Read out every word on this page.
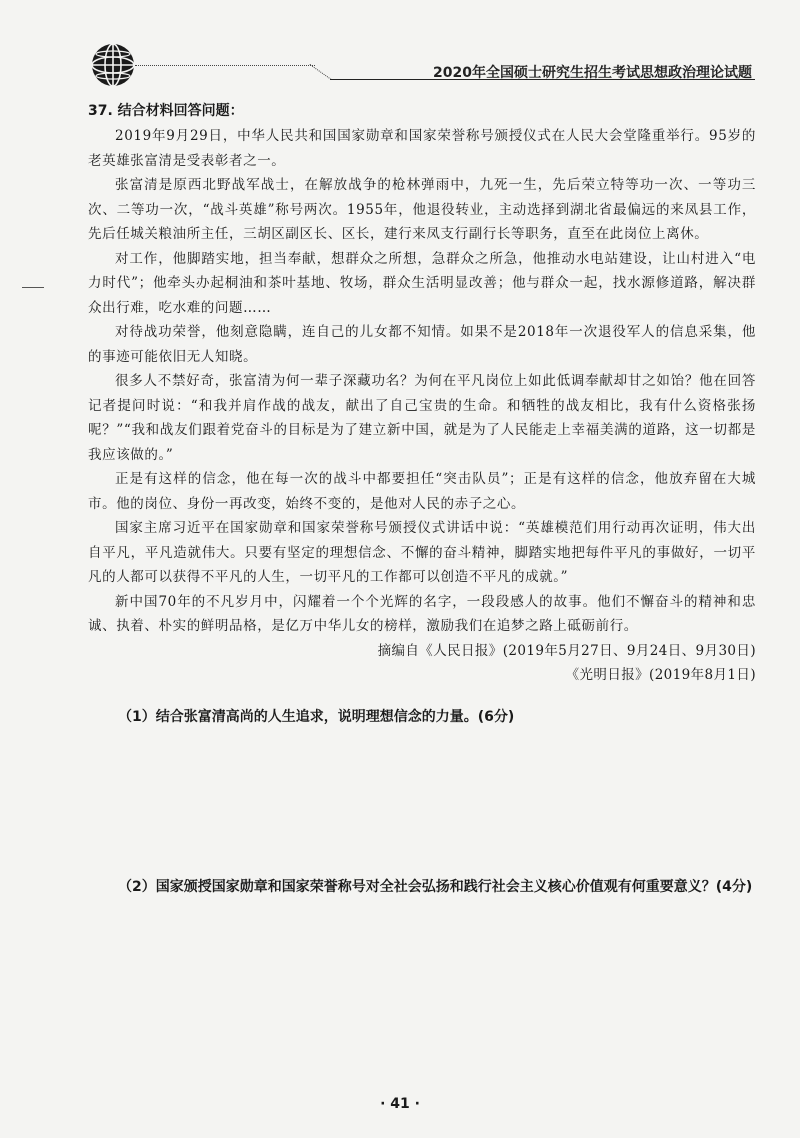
2020年全国硕士研究生招生考试思想政治理论试题
37. 结合材料回答问题：

2019年9月29日，中华人民共和国国家勋章和国家荣誉称号颁授仪式在人民大会堂隆重举行。95岁的老英雄张富清是受表彰者之一。

张富清是原西北野战军战士，在解放战争的枪林弹雨中，九死一生，先后荣立特等功一次、一等功三次、二等功一次，“战斗英雄”称号两次。1955年，他退役转业，主动选择到湖北省最偏远的来凤县工作，先后任城关粮油所主任，三胡区副区长、区长，建行来凤支行副行长等职务，直至在此岗位上离休。

对工作，他脚踏实地，担当奉献，想群众之所想，急群众之所急，他推动水电站建设，让山村进入“电力时代”；他牵头办起桐油和茶叶基地、牧场，群众生活明显改善；他与群众一起，找水源修道路，解决群众出行难，吃水难的问题……

对待战功荣誉，他刻意隐瞒，连自己的儿女都不知情。如果不是2018年一次退役军人的信息采集，他的事迹可能依旧无人知晓。

很多人不禁好奇，张富清为何一辈子深藏功名？为何在平凡岗位上如此低调奉献却甘之如饴？他在回答记者提问时说：“和我并肩作战的战友，献出了自己宝贵的生命。和牺牲的战友相比，我有什么资格张扬呢？”“我和战友们跟着党奋斗的目标是为了建立新中国，就是为了人民能走上幸福美满的道路，这一切都是我应该做的。”

正是有这样的信念，他在每一次的战斗中都要担任“突击队员”；正是有这样的信念，他放弃留在大城市。他的岗位、身份一再改变，始终不变的，是他对人民的赤子之心。

国家主席习近平在国家勋章和国家荣誉称号颁授仪式讲话中说：“英雄模范们用行动再次证明，伟大出自平凡，平凡造就伟大。只要有坚定的理想信念、不懈的奋斗精神，脚踏实地把每件平凡的事做好，一切平凡的人都可以获得不平凡的人生，一切平凡的工作都可以创造不平凡的成就。”

新中国70年的不凡岁月中，闪耀着一个个光辉的名字，一段段感人的故事。他们不懈奋斗的精神和忠诚、执着、朴实的鲜明品格，是亿万中华儿女的榜样，激励我们在追梦之路上砥砺前行。

摘编自《人民日报》(2019年5月27日、9月24日、9月30日)

《光明日报》(2019年8月1日)

（1）结合张富清高尚的人生追求，说明理想信念的力量。(6分)
（2）国家颁授国家勋章和国家荣誉称号对全社会弘扬和践行社会主义核心价值观有何重要意义？(4分)
· 41 ·
